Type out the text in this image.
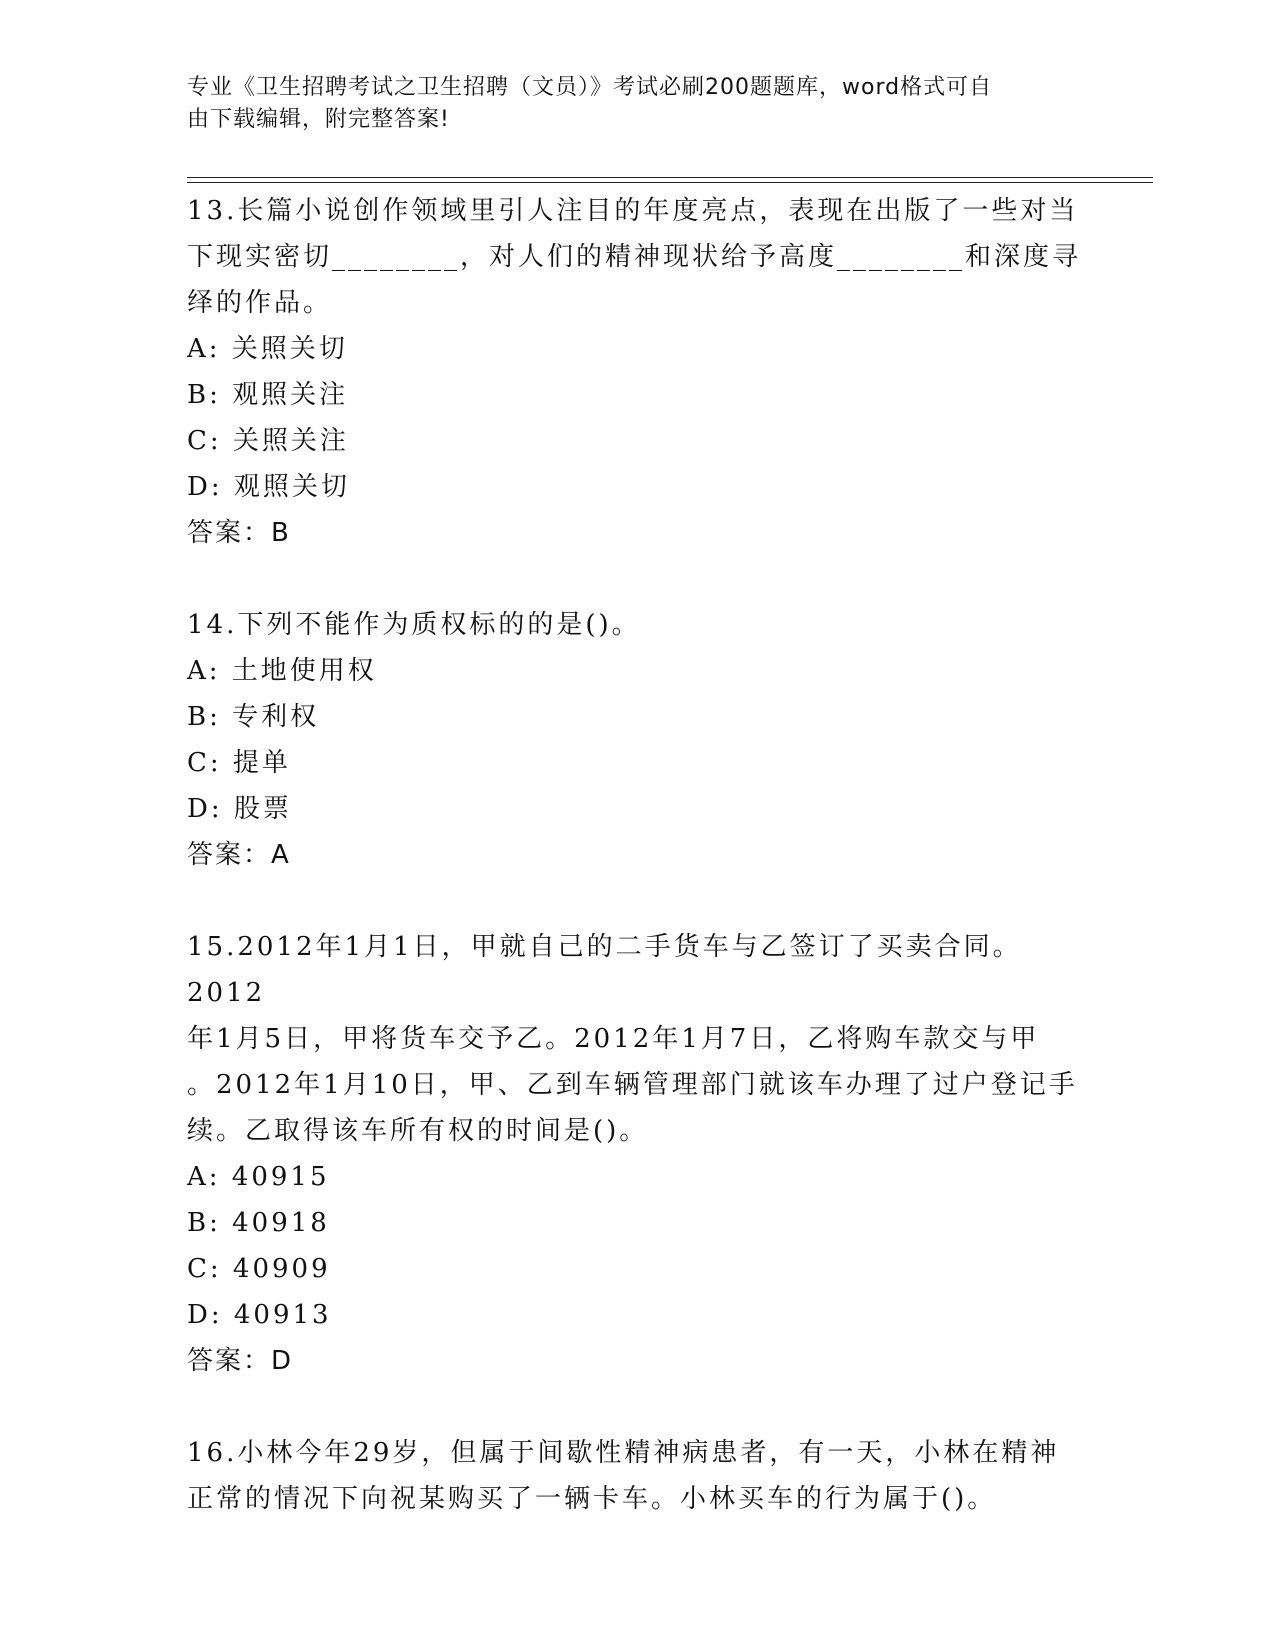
专业《卫生招聘考试之卫生招聘（文员）》考试必刷200题题库，word格式可自
由下载编辑，附完整答案!

13.长篇小说创作领域里引人注目的年度亮点，表现在出版了一些对当

下现实密切________，对人们的精神现状给予高度________和深度寻

绎的作品。

A: 关照关切

B: 观照关注

C: 关照关注

D: 观照关切

答案：B

14.下列不能作为质权标的的是()。

A: 土地使用权

B: 专利权

C: 提单

D: 股票

答案：A

15.2012年1月1日，甲就自己的二手货车与乙签订了买卖合同。2012

年1月5日，甲将货车交予乙。2012年1月7日，乙将购车款交与甲

。2012年1月10日，甲、乙到车辆管理部门就该车办理了过户登记手

续。乙取得该车所有权的时间是()。

A: 40915

B: 40918

C: 40909

D: 40913

答案：D

16.小林今年29岁，但属于间歇性精神病患者，有一天，小林在精神

正常的情况下向祝某购买了一辆卡车。小林买车的行为属于()。
